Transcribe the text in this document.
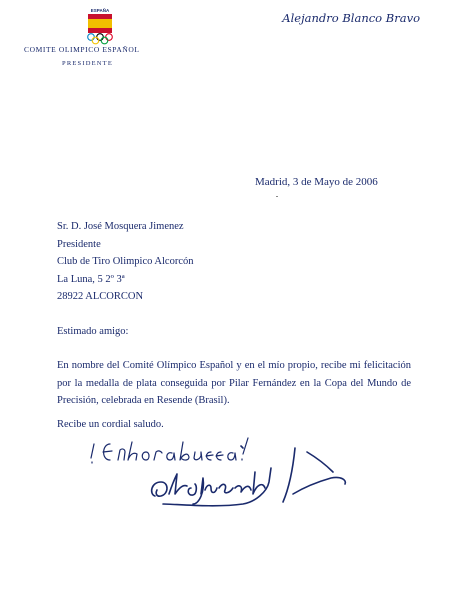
ESPAÑA
COMITE OLIMPICO ESPAÑOL
PRESIDENTE
Alejandro Blanco Bravo
Madrid, 3 de Mayo de 2006
Sr. D. José Mosquera Jimenez
Presidente
Club de Tiro Olimpico Alcorcón
La Luna, 5 2º 3ª
28922 ALCORCON
Estimado amigo:
En nombre del Comité Olímpico Español y en el mío propio, recibe mi felicitación por la medalla de plata conseguida por Pilar Fernández en la Copa del Mundo de Precisión, celebrada en Resende (Brasil).
Recibe un cordial saludo.
